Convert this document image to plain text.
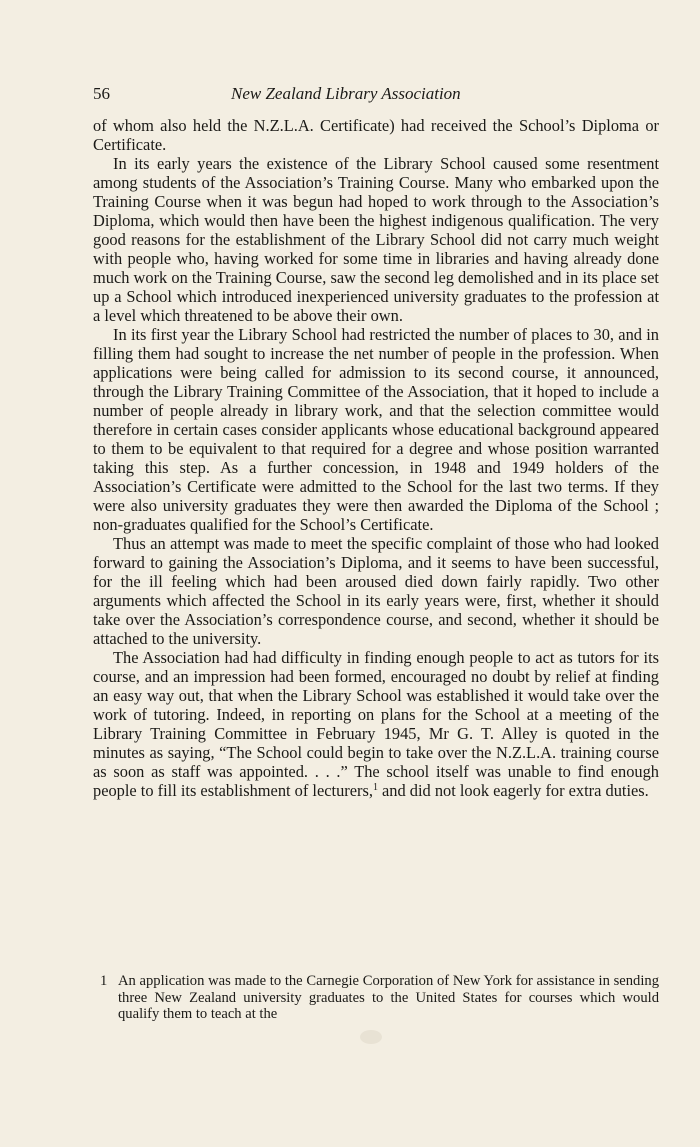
56	New Zealand Library Association

of whom also held the N.Z.L.A. Certificate) had received the School’s Diploma or Certificate.

In its early years the existence of the Library School caused some resentment among students of the Association’s Training Course. Many who embarked upon the Training Course when it was begun had hoped to work through to the Association’s Diploma, which would then have been the highest indigenous qualification. The very good reasons for the establishment of the Library School did not carry much weight with people who, having worked for some time in libraries and having already done much work on the Training Course, saw the second leg demolished and in its place set up a School which introduced inexperienced university graduates to the profession at a level which threatened to be above their own.

In its first year the Library School had restricted the number of places to 30, and in filling them had sought to increase the net number of people in the profession. When applications were being called for admission to its second course, it announced, through the Library Training Committee of the Association, that it hoped to include a number of people already in library work, and that the selection committee would therefore in certain cases consider applicants whose educational background appeared to them to be equivalent to that required for a degree and whose position warranted taking this step. As a further concession, in 1948 and 1949 holders of the Association’s Certificate were admitted to the School for the last two terms. If they were also university graduates they were then awarded the Diploma of the School ; non-graduates qualified for the School’s Certificate.

Thus an attempt was made to meet the specific complaint of those who had looked forward to gaining the Association’s Diploma, and it seems to have been successful, for the ill feeling which had been aroused died down fairly rapidly. Two other arguments which affected the School in its early years were, first, whether it should take over the Association’s correspondence course, and second, whether it should be attached to the university.

The Association had had difficulty in finding enough people to act as tutors for its course, and an impression had been formed, encouraged no doubt by relief at finding an easy way out, that when the Library School was established it would take over the work of tutoring. Indeed, in reporting on plans for the School at a meeting of the Library Training Committee in February 1945, Mr G. T. Alley is quoted in the minutes as saying, “The School could begin to take over the N.Z.L.A. training course as soon as staff was appointed. . . .” The school itself was unable to find enough people to fill its establishment of lecturers,$^1$ and did not look eagerly for extra duties.

1 An application was made to the Carnegie Corporation of New York for assistance in sending three New Zealand university graduates to the United States for courses which would qualify them to teach at the
